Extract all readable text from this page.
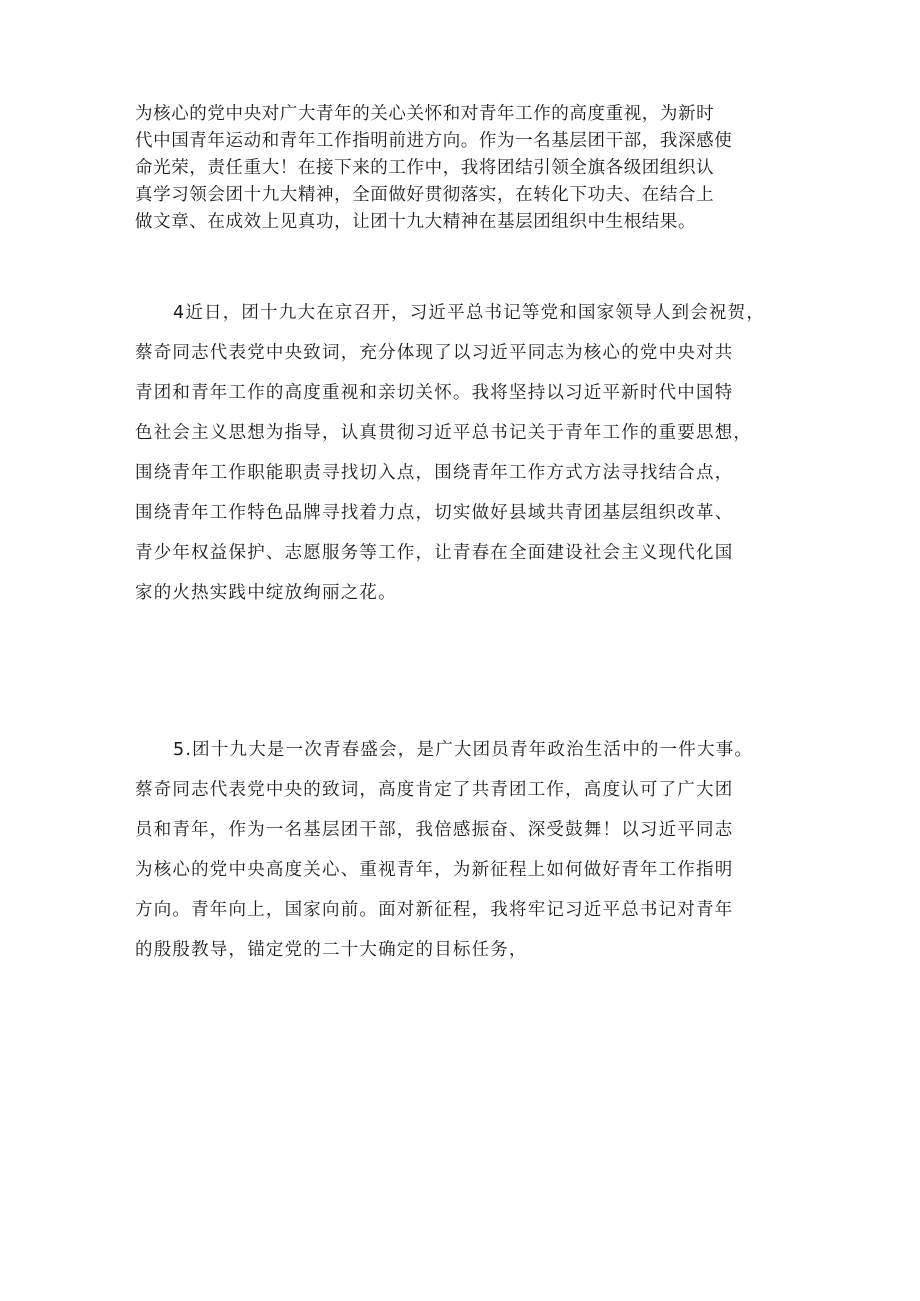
为核心的党中央对广大青年的关心关怀和对青年工作的高度重视，为新时
代中国青年运动和青年工作指明前进方向。作为一名基层团干部，我深感使
命光荣，责任重大！在接下来的工作中，我将团结引领全旗各级团组织认
真学习领会团十九大精神，全面做好贯彻落实，在转化下功夫、在结合上
做文章、在成效上见真功，让团十九大精神在基层团组织中生根结果。
4近日，团十九大在京召开，习近平总书记等党和国家领导人到会祝贺，
蔡奇同志代表党中央致词，充分体现了以习近平同志为核心的党中央对共
青团和青年工作的高度重视和亲切关怀。我将坚持以习近平新时代中国特
色社会主义思想为指导，认真贯彻习近平总书记关于青年工作的重要思想，
围绕青年工作职能职责寻找切入点，围绕青年工作方式方法寻找结合点，
围绕青年工作特色品牌寻找着力点，切实做好县域共青团基层组织改革、
青少年权益保护、志愿服务等工作，让青春在全面建设社会主义现代化国
家的火热实践中绽放绚丽之花。
5.团十九大是一次青春盛会，是广大团员青年政治生活中的一件大事。
蔡奇同志代表党中央的致词，高度肯定了共青团工作，高度认可了广大团
员和青年，作为一名基层团干部，我倍感振奋、深受鼓舞！以习近平同志
为核心的党中央高度关心、重视青年，为新征程上如何做好青年工作指明
方向。青年向上，国家向前。面对新征程，我将牢记习近平总书记对青年
的殷殷教导，锚定党的二十大确定的目标任务，
